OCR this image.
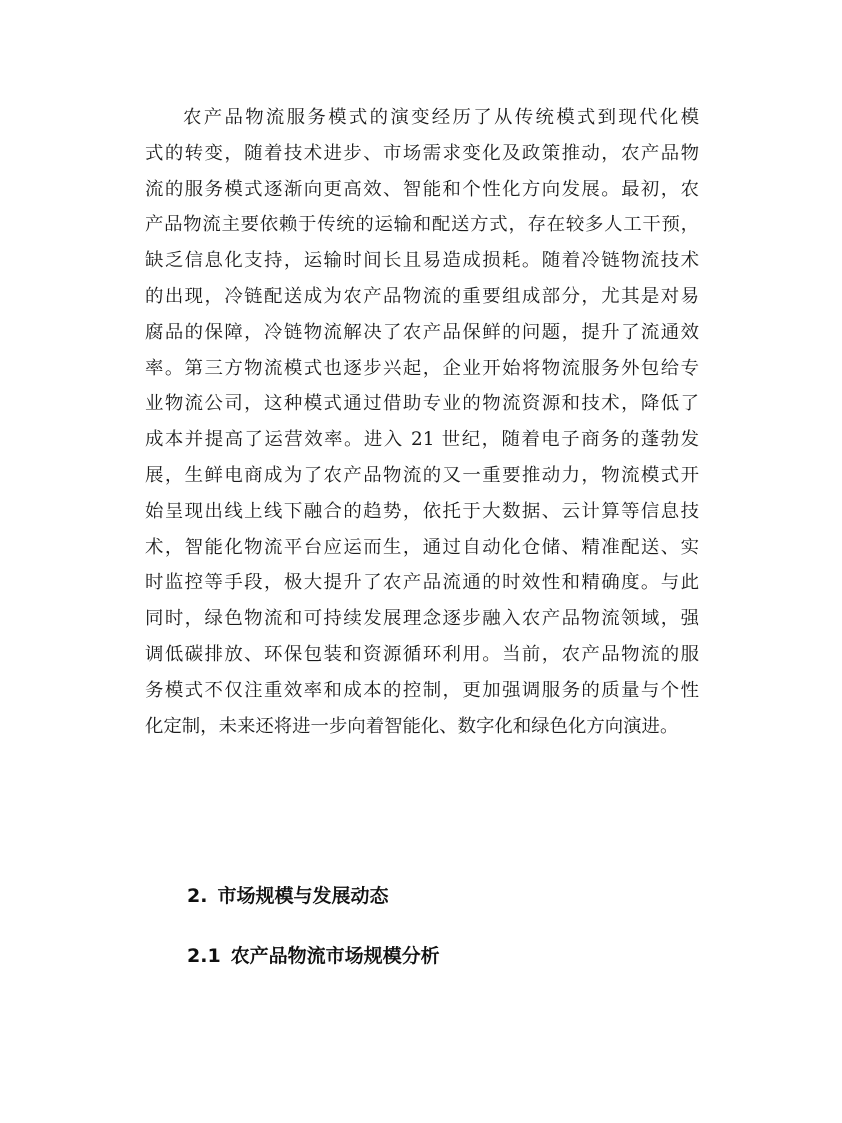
农产品物流服务模式的演变经历了从传统模式到现代化模
式的转变，随着技术进步、市场需求变化及政策推动，农产品物
流的服务模式逐渐向更高效、智能和个性化方向发展。最初，农
产品物流主要依赖于传统的运输和配送方式，存在较多人工干预，
缺乏信息化支持，运输时间长且易造成损耗。随着冷链物流技术
的出现，冷链配送成为农产品物流的重要组成部分，尤其是对易
腐品的保障，冷链物流解决了农产品保鲜的问题，提升了流通效
率。第三方物流模式也逐步兴起，企业开始将物流服务外包给专
业物流公司，这种模式通过借助专业的物流资源和技术，降低了
成本并提高了运营效率。进入 21 世纪，随着电子商务的蓬勃发
展，生鲜电商成为了农产品物流的又一重要推动力，物流模式开
始呈现出线上线下融合的趋势，依托于大数据、云计算等信息技
术，智能化物流平台应运而生，通过自动化仓储、精准配送、实
时监控等手段，极大提升了农产品流通的时效性和精确度。与此
同时，绿色物流和可持续发展理念逐步融入农产品物流领域，强
调低碳排放、环保包装和资源循环利用。当前，农产品物流的服
务模式不仅注重效率和成本的控制，更加强调服务的质量与个性
化定制，未来还将进一步向着智能化、数字化和绿色化方向演进。

2. 市场规模与发展动态
2.1 农产品物流市场规模分析
